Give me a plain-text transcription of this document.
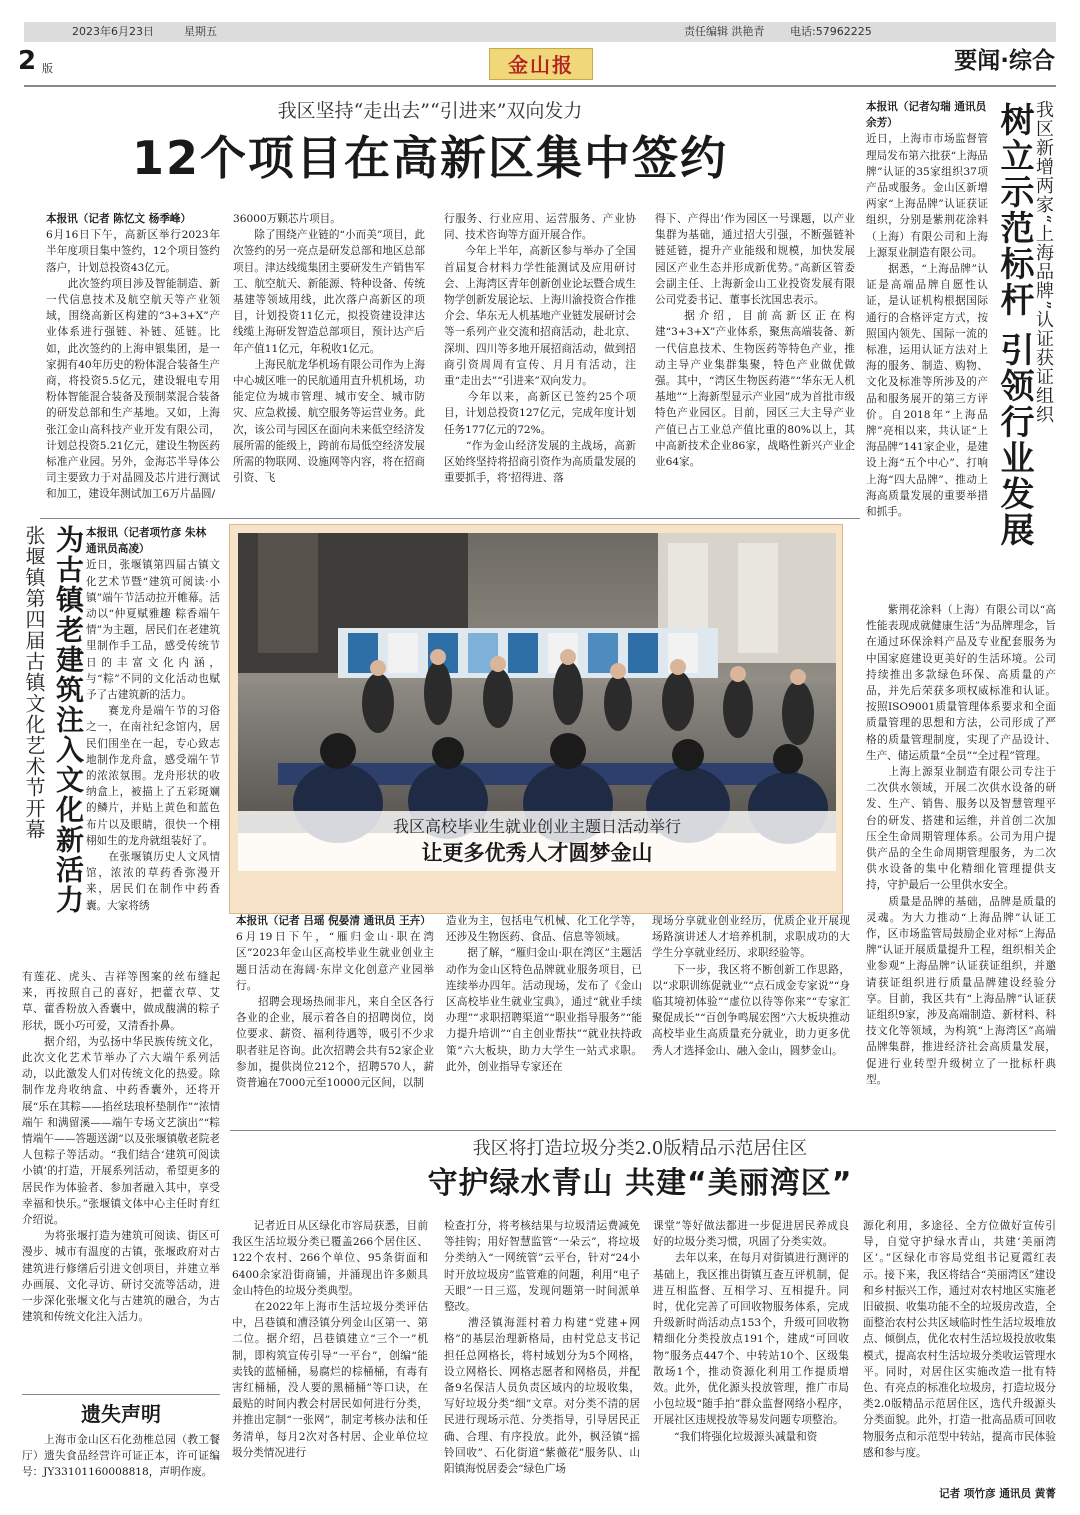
2023年6月23日	星期五	责任编辑 洪艳青 电话:57962225
2 版	金山报	要闻·综合
我区坚持“走出去”“引进来”双向发力
12个项目在高新区集中签约
本报讯（记者 陈忆文 杨季峰）
6月16日下午，高新区举行2023年半年度项目集中签约，12个项目签约落户，计划总投资43亿元。
　　此次签约项目涉及智能制造、新一代信息技术及航空航天等产业领域，围绕高新区构建的“3+3+X”产业体系进行强链、补链、延链。比如，此次签约的上海申银集团，是一家拥有40年历史的粉体混合装备生产商，将投资5.5亿元，建设辊电专用粉体智能混合装备及预制菜混合装备的研发总部和生产基地。又如，上海张江金山高科技产业开发有限公司，计划总投资5.21亿元，建设生物医药标准产业园。另外，金海芯半导体公司主要致力于对晶圆及芯片进行测试和加工，建设年测试加工6万片晶圆/
36000万颗芯片项目。
　　除了围绕产业链的“小而美”项目，此次签约的另一亮点是研发总部和地区总部项目。津达线缆集团主要研发生产销售军工、航空航天、新能源、特种设备、传统基建等领域用线，此次落户高新区的项目，计划投资11亿元，拟投资建设津达线缆上海研发智造总部项目，预计达产后年产值11亿元，年税收1亿元。
　　上海民航龙华机场有限公司作为上海中心城区唯一的民航通用直升机机场，功能定位为城市管理、城市安全、城市防灾、应急救援、航空服务等运营业务。此次，该公司与园区在面向未来低空经济发展所需的能级上，跨前布局低空经济发展所需的物联网、设施网等内容，将在招商引资、飞
行服务、行业应用、运营服务、产业协同、技术咨询等方面开展合作。
　　今年上半年，高新区参与举办了全国首届复合材料力学性能测试及应用研讨会、上海湾区青年创新创业论坛暨合成生物学创新发展论坛、上海川渝投资合作推介会、华东无人机基地产业链发展研讨会等一系列产业交流和招商活动，赴北京、深圳、四川等多地开展招商活动，做到招商引资周周有宣传、月月有活动，注重“走出去”“引进来”双向发力。
　　今年以来，高新区已签约25个项目，计划总投资127亿元，完成年度计划任务177亿元的72%。
　　“作为金山经济发展的主战场，高新区始终坚持将招商引资作为高质量发展的重要抓手，将‘招得进、落
得下、产得出’作为园区一号课题，以产业集群为基础，通过招大引强，不断强链补链延链，提升产业能级和规模，加快发展园区产业生态并形成新优势。”高新区管委会副主任、上海新金山工业投资发展有限公司党委书记、董事长沈国忠表示。
　　据介绍，目前高新区正在构建“3+3+X”产业体系，聚焦高端装备、新一代信息技术、生物医药等特色产业，推动主导产业集群集聚，特色产业做优做强。其中，“湾区生物医药港”“华东无人机基地”“上海新型显示产业园”成为首批市级特色产业园区。目前，园区三大主导产业产值已占工业总产值比重的80%以上，其中高新技术企业86家，战略性新兴产业企业64家。
本报讯（记者勾瑞 通讯员 余芳）
近日，上海市市场监督管理局发布第六批获“上海品牌”认证的35家组织37项产品或服务。金山区新增两家“上海品牌”认证获证组织，分别是紫荆花涂料（上海）有限公司和上海上源泵业制造有限公司。
　　据悉，“上海品牌”认证是高端品牌自愿性认证，是认证机构根据国际通行的合格评定方式，按照国内领先、国际一流的标准，运用认证方法对上海的服务、制造、购物、文化及标准等所涉及的产品和服务展开的第三方评价。自2018年“上海品牌”亮相以来，共认证“上海品牌”141家企业，是建设上海“五个中心”、打响上海“四大品牌”、推动上海高质量发展的重要举措和抓手。
我区新增两家“上海品牌”认证获证组织
树立示范标杆 引领行业发展
　　紫荆花涂料（上海）有限公司以“高性能表现成就健康生活”为品牌理念，旨在通过环保涂料产品及专业配套服务为中国家庭建设更美好的生活环境。公司持续推出多款绿色环保、高质量的产品，并先后荣获多项权威标准和认证。按照ISO9001质量管理体系要求和全面质量管理的思想和方法，公司形成了严格的质量管理制度，实现了产品设计、生产、储运质量“全员”“全过程”管理。
　　上海上源泵业制造有限公司专注于二次供水领域，开展二次供水设备的研发、生产、销售、服务以及智慧管理平台的研发、搭建和运维，并首创二次加压全生命周期管理体系。公司为用户提供产品的全生命周期管理服务，为二次供水设备的集中化精细化管理提供支持，守护最后一公里供水安全。
　　质量是品牌的基础，品牌是质量的灵魂。为大力推动“上海品牌”认证工作，区市场监管局鼓励企业对标“上海品牌”认证开展质量提升工程，组织相关企业参观“上海品牌”认证获证组织，并邀请获证组织进行质量品牌建设经验分享。目前，我区共有“上海品牌”认证获证组织9家，涉及高端制造、新材料、科技文化等领域，为构筑“上海湾区”高端品牌集群，推进经济社会高质量发展，促进行业转型升级树立了一批标杆典型。
张堰镇第四届古镇文化艺术节开幕 为古镇老建筑注入文化新活力 本报讯（记者项竹彦 朱林 通讯员高凌）
近日，张堰镇第四届古镇文化艺术节暨“建筑可阅读·小镇”端午节活动拉开帷幕。活动以“仲夏赋雅趣 粽香端午情”为主题，居民们在老建筑里制作手工品，感受传统节日的丰富文化内涵，与“粽”不同的文化活动也赋予了古建筑新的活力。
　　赛龙舟是端午节的习俗之一，在南社纪念馆内，居民们围坐在一起，专心致志地制作龙舟盒，感受端午节的浓浓氛围。龙舟形状的收纳盒上，被描上了五彩斑斓的鳞片，并贴上黄色和蓝色布片以及眼睛，很快一个栩栩如生的龙舟就组装好了。
　　在张堰镇历史人文风情馆，浓浓的草药香弥漫开来，居民们在制作中药香囊。大家将绣
有莲花、虎头、吉祥等图案的丝布缝起来，再按照自己的喜好，把藿衣草、艾草、藿香粉放入香囊中，做成馥满的粽子形状，既小巧可爱，又清香扑鼻。
　　据介绍，为弘扬中华民族传统文化，此次文化艺术节举办了六大端午系列活动，以此激发人们对传统文化的热爱。除制作龙舟收纳盒、中药香囊外，还将开展“乐在其粽——掐丝珐琅杯垫制作”“浓情端午 和满留溪——端午专场文艺演出”“粽情端午——答题送湖”以及张堰镇敬老院老人包粽子等活动。“我们结合‘建筑可阅读小镇’的打造，开展系列活动，希望更多的居民作为体验者、参加者融入其中，享受幸福和快乐。”张堰镇文体中心主任时育红介绍说。
　　为将张堰打造为建筑可阅读、街区可漫步、城市有温度的古镇，张堰政府对古建筑进行修缮后引进文创项目，并建立举办画展、文化寻访、研讨交流等活动，进一步深化张堰文化与古建筑的融合，为古建筑和传统文化注入活力。
我区高校毕业生就业创业主题日活动举行
让更多优秀人才圆梦金山
本报讯（记者 吕瑶 倪晏清 通讯员 王卉）
6月19日下午，“雁归金山·职在湾区”2023年金山区高校毕业生就业创业主题日活动在海阔·东岸文化创意产业园举行。
　　招聘会现场热闹非凡，来自全区各行各业的企业，展示着各自的招聘岗位，岗位要求、薪资、福利待遇等，吸引不少求职者驻足咨询。此次招聘会共有52家企业参加，提供岗位212个，招聘570人，薪资普遍在7000元至10000元区间，以制
造业为主，包括电气机械、化工化学等，还涉及生物医药、食品、信息等领域。
　　据了解，“雁归金山·职在湾区”主题活动作为金山区特色品牌就业服务项目，已连续举办四年。活动现场，发布了《金山区高校毕业生就业宝典》，通过“就业手续办理”“求职招聘渠道”“职业指导服务”“能力提升培训”“自主创业帮扶”“就业扶持政策”六大板块，助力大学生一站式求职。此外，创业指导专家还在
现场分享就业创业经历，优质企业开展现场路演讲述人才培养机制，求职成功的大学生分享就业经历、求职经验等。
　　下一步，我区将不断创新工作思路，以“求职训练促就业”“点石成金专家说”“身临其境初体验”“虚位以待等你来”“专家汇聚促成长”“百创争鸣展宏图”六大板块推动高校毕业生高质量充分就业，助力更多优秀人才选择金山、融入金山，圆梦金山。
我区将打造垃圾分类2.0版精品示范居住区
守护绿水青山 共建“美丽湾区”
　　记者近日从区绿化市容局获悉，目前我区生活垃圾分类已覆盖266个居住区、122个农村、266个单位、95条街面和6400余家沿街商铺，并涌现出许多颇具金山特色的垃圾分类典型。
　　在2022年上海市生活垃圾分类评估中，吕巷镇和漕泾镇分列金山区第一、第二位。据介绍，吕巷镇建立“三个一”机制，即构筑宣传引导“一平台”，创编“能卖钱的蓝桶桶，易腐烂的棕桶桶，有毒有害红桶桶，没人要的黑桶桶”等口诀，在最贴的时间内教会村居民如何进行分类，并推出定制“一张网”，制定考核办法和任务清单，每月2次对各村居、企业单位垃圾分类情况进行
检查打分，将考核结果与垃圾清运费减免等挂钩；用好智慧监管“一朵云”，将垃圾分类纳入“一网统管”云平台，针对“24小时开放垃圾房”监管难的问题，利用“电子天眼”一日三巡，发现问题第一时间派单整改。
　　漕泾镇海涯村着力构建“党建+网格”的基层治理新格局，由村党总支书记担任总网格长，将村域划分为5个网格，设立网格长、网格志愿者和网格员，并配备9名保洁人员负责区域内的垃圾收集，写好垃圾分类“细”文章。对分类不清的居民进行现场示范、分类指导，引导居民正确、合理、有序投放。此外，枫泾镇“摇铃回收”、石化街道“紫薇花”服务队、山阳镇海悦居委会“绿色广场
课堂”等好做法都进一步促进居民养成良好的垃圾分类习惯，巩固了分类实效。
　　去年以来，在每月对街镇进行测评的基础上，我区推出街镇互查互评机制，促进互相监督、互相学习、互相提升。同时，优化完善了可回收物服务体系，完成升级新时尚活动点153个，升级可回收物精细化分类投放点191个，建成“可回收物”服务点447个、中转站10个、区级集散场1个，推动资源化利用工作提质增效。此外，优化源头投放管理，推广市局小包垃圾“随手拍”群众监督网络小程序，开展社区违规投放等易发问题专项整治。
　　“我们将强化垃圾源头减量和资
源化利用，多途径、全方位做好宣传引导，自觉守护绿水青山，共建‘美丽湾区’。”区绿化市容局党组书记夏霞红表示。接下来，我区将结合“美丽湾区”建设和乡村振兴工作，通过对农村地区实施老旧破损、收集功能不全的垃圾房改造，全面整治农村公共区域临时性生活垃圾堆放点、倾倒点，优化农村生活垃圾投放收集模式，提高农村生活垃圾分类收运管理水平。同时，对居住区实施改造一批有特色、有亮点的标准化垃圾房，打造垃圾分类2.0版精品示范居住区，选代升级源头分类面貌。此外，打造一批高品质可回收物服务点和示范型中转站，提高市民体验感和参与度。
记者 项竹彦 通讯员 黄菁
遗失声明
　　上海市金山区石化劲椎总园（教工餐厅）遗失食品经营许可证正本，许可证编号：JY33101160008818，声明作废。
